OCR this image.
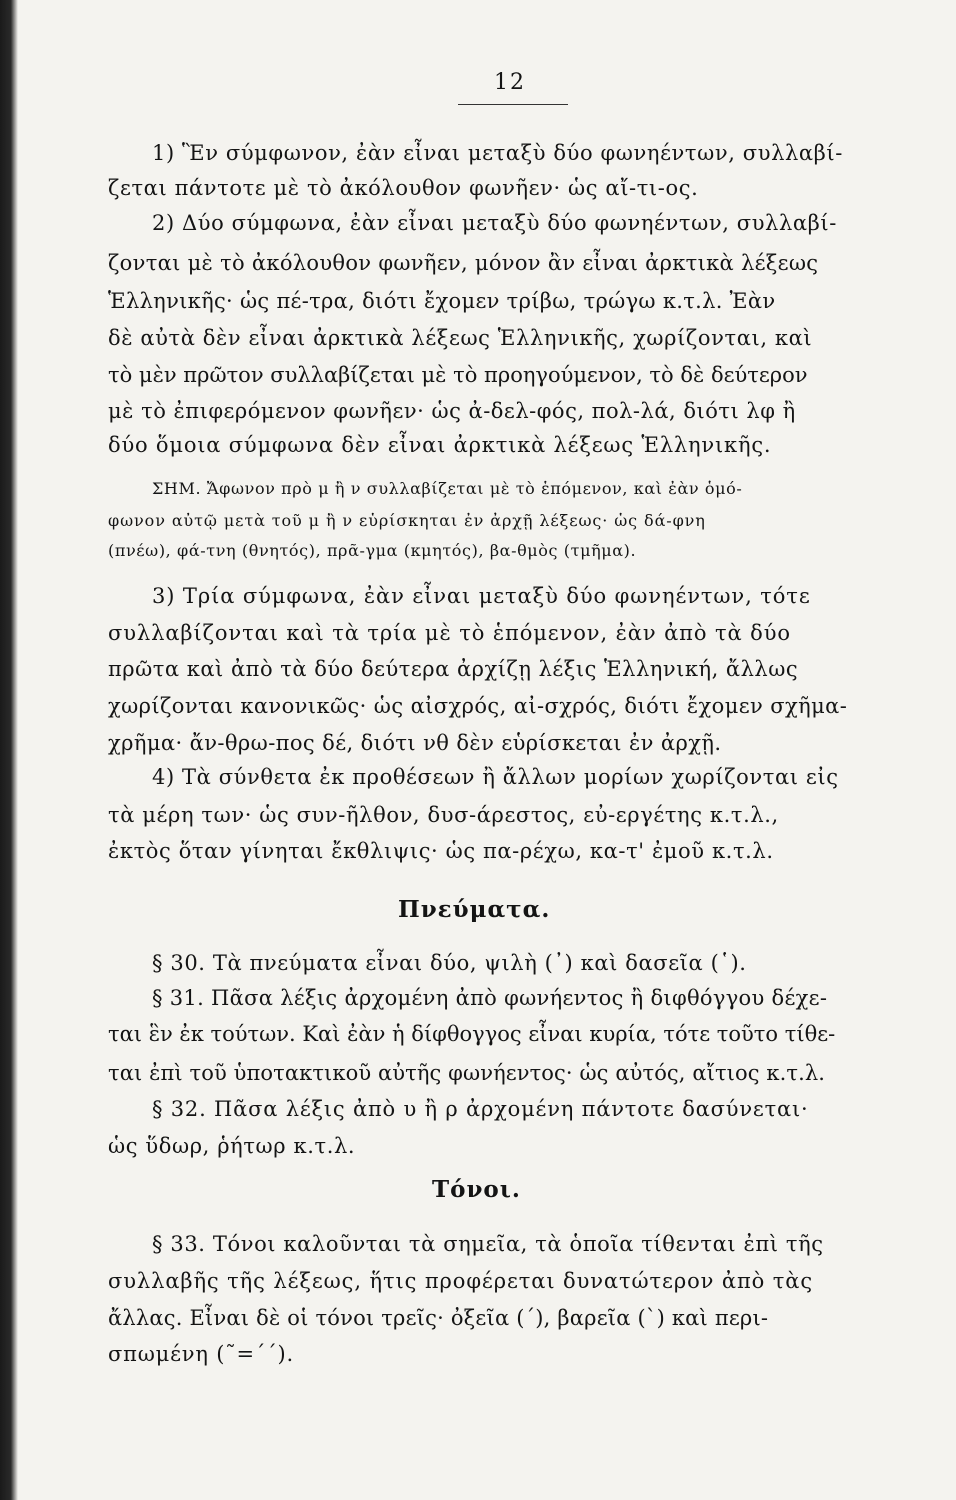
12

1) Ἓν σύμφωνον, ἐὰν εἶναι μεταξὺ δύο φωνηέντων, συλλαβί-

ζεται πάντοτε μὲ τὸ ἀκόλουθον φωνῆεν· ὡς αἴ-τι-ος.

2) Δύο σύμφωνα, ἐὰν εἶναι μεταξὺ δύο φωνηέντων, συλλαβί-

ζονται μὲ τὸ ἀκόλουθον φωνῆεν, μόνον ἂν εἶναι ἀρκτικὰ λέξεως

Ἑλληνικῆς· ὡς πέ-τρα, διότι ἔχομεν τρίβω, τρώγω κ.τ.λ. Ἐὰν

δὲ αὐτὰ δὲν εἶναι ἀρκτικὰ λέξεως Ἑλληνικῆς, χωρίζονται, καὶ

τὸ μὲν πρῶτον συλλαβίζεται μὲ τὸ προηγούμενον, τὸ δὲ δεύτερον

μὲ τὸ ἐπιφερόμενον φωνῆεν· ὡς ἀ-δελ-φός, πολ-λά, διότι λφ ἢ

δύο ὅμοια σύμφωνα δὲν εἶναι ἀρκτικὰ λέξεως Ἑλληνικῆς.

ΣΗΜ. Ἄφωνον πρὸ μ ἢ ν συλλαβίζεται μὲ τὸ ἑπόμενον, καὶ ἐὰν ὁμό-

φωνον αὐτῷ μετὰ τοῦ μ ἢ ν εὑρίσκηται ἐν ἀρχῇ λέξεως· ὡς δά-φνη

(πνέω), φά-τνη (θνητός), πρᾶ-γμα (κμητός), βα-θμὸς (τμῆμα).

3) Τρία σύμφωνα, ἐὰν εἶναι μεταξὺ δύο φωνηέντων, τότε

συλλαβίζονται καὶ τὰ τρία μὲ τὸ ἑπόμενον, ἐὰν ἀπὸ τὰ δύο

πρῶτα καὶ ἀπὸ τὰ δύο δεύτερα ἀρχίζῃ λέξις Ἑλληνική, ἄλλως

χωρίζονται κανονικῶς· ὡς αἰσχρός, αἰ-σχρός, διότι ἔχομεν σχῆμα-

χρῆμα· ἄν-θρω-πος δέ, διότι νθ δὲν εὑρίσκεται ἐν ἀρχῇ.

4) Τὰ σύνθετα ἐκ προθέσεων ἢ ἄλλων μορίων χωρίζονται εἰς

τὰ μέρη των· ὡς συν-ῆλθον, δυσ-άρεστος, εὐ-εργέτης κ.τ.λ.,

ἐκτὸς ὅταν γίνηται ἔκθλιψις· ὡς πα-ρέχω, κα-τ' ἐμοῦ κ.τ.λ.

Πνεύματα.

§ 30. Τὰ πνεύματα εἶναι δύο, ψιλὴ (᾿) καὶ δασεῖα (῾).

§ 31. Πᾶσα λέξις ἀρχομένη ἀπὸ φωνήεντος ἢ διφθόγγου δέχε-

ται ἓν ἐκ τούτων. Καὶ ἐὰν ἡ δίφθογγος εἶναι κυρία, τότε τοῦτο τίθε-

ται ἐπὶ τοῦ ὑποτακτικοῦ αὐτῆς φωνήεντος· ὡς αὐτός, αἴτιος κ.τ.λ.

§ 32. Πᾶσα λέξις ἀπὸ υ ἢ ρ ἀρχομένη πάντοτε δασύνεται·

ὡς ὕδωρ, ῥήτωρ κ.τ.λ.

Τόνοι.

§ 33. Τόνοι καλοῦνται τὰ σημεῖα, τὰ ὁποῖα τίθενται ἐπὶ τῆς

συλλαβῆς τῆς λέξεως, ἥτις προφέρεται δυνατώτερον ἀπὸ τὰς

ἄλλας. Εἶναι δὲ οἱ τόνοι τρεῖς· ὀξεῖα (΄), βαρεῖα (`) καὶ περι-

σπωμένη (῀=΄΄).
